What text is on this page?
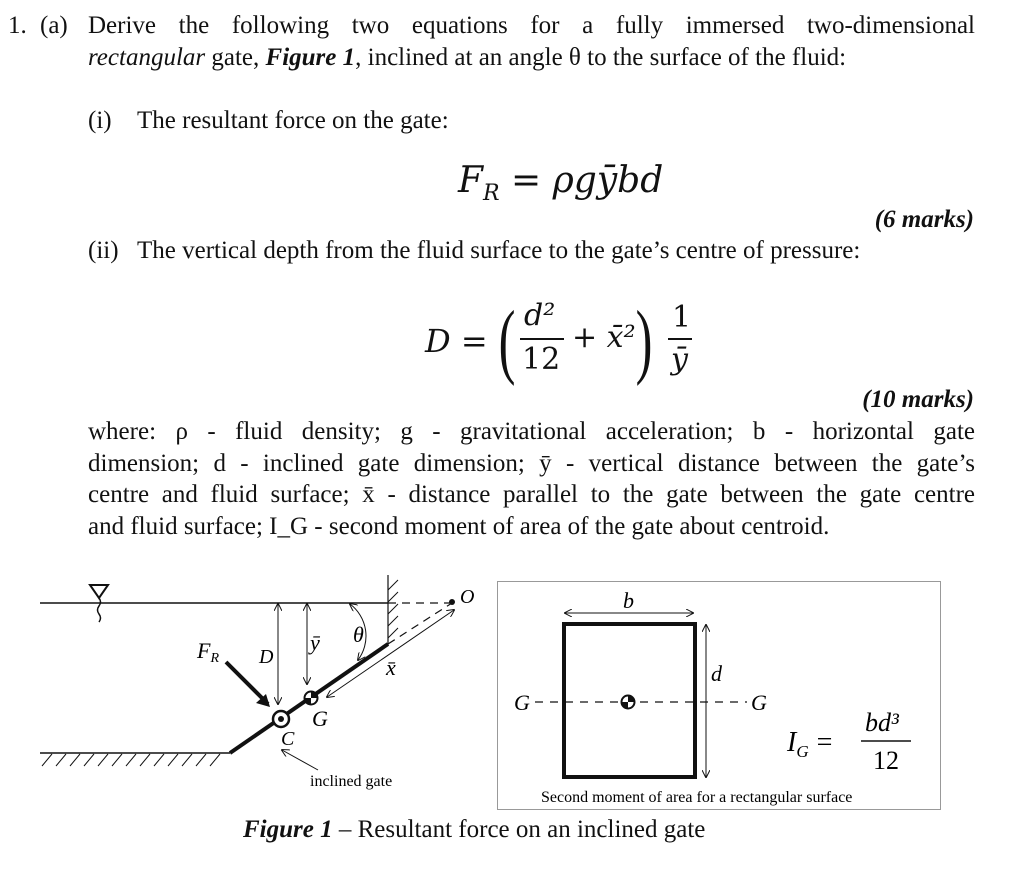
1. (a) Derive the following two equations for a fully immersed two-dimensional
rectangular gate, Figure 1, inclined at an angle θ to the surface of the fluid:
(i) The resultant force on the gate:
$F_R$ = ρgȳbd
(6 marks)
(ii) The vertical depth from the fluid surface to the gate’s centre of pressure:
D = ( d²
12
+ x̄² ) 1
ȳ
(10 marks)
where: ρ - fluid density; g - gravitational acceleration; b - horizontal gate
dimension; d - inclined gate dimension; ȳ - vertical distance between the gate’s
centre and fluid surface; x̄ - distance parallel to the gate between the gate centre
and fluid surface; I_G - second moment of area of the gate about centroid.
FR D
ȳ θ
O
x̄
G
C
inclined gate
b
d
G	G
$I_G$ =
bd³
12
Second moment of area for a rectangular surface
Figure 1 – Resultant force on an inclined gate
